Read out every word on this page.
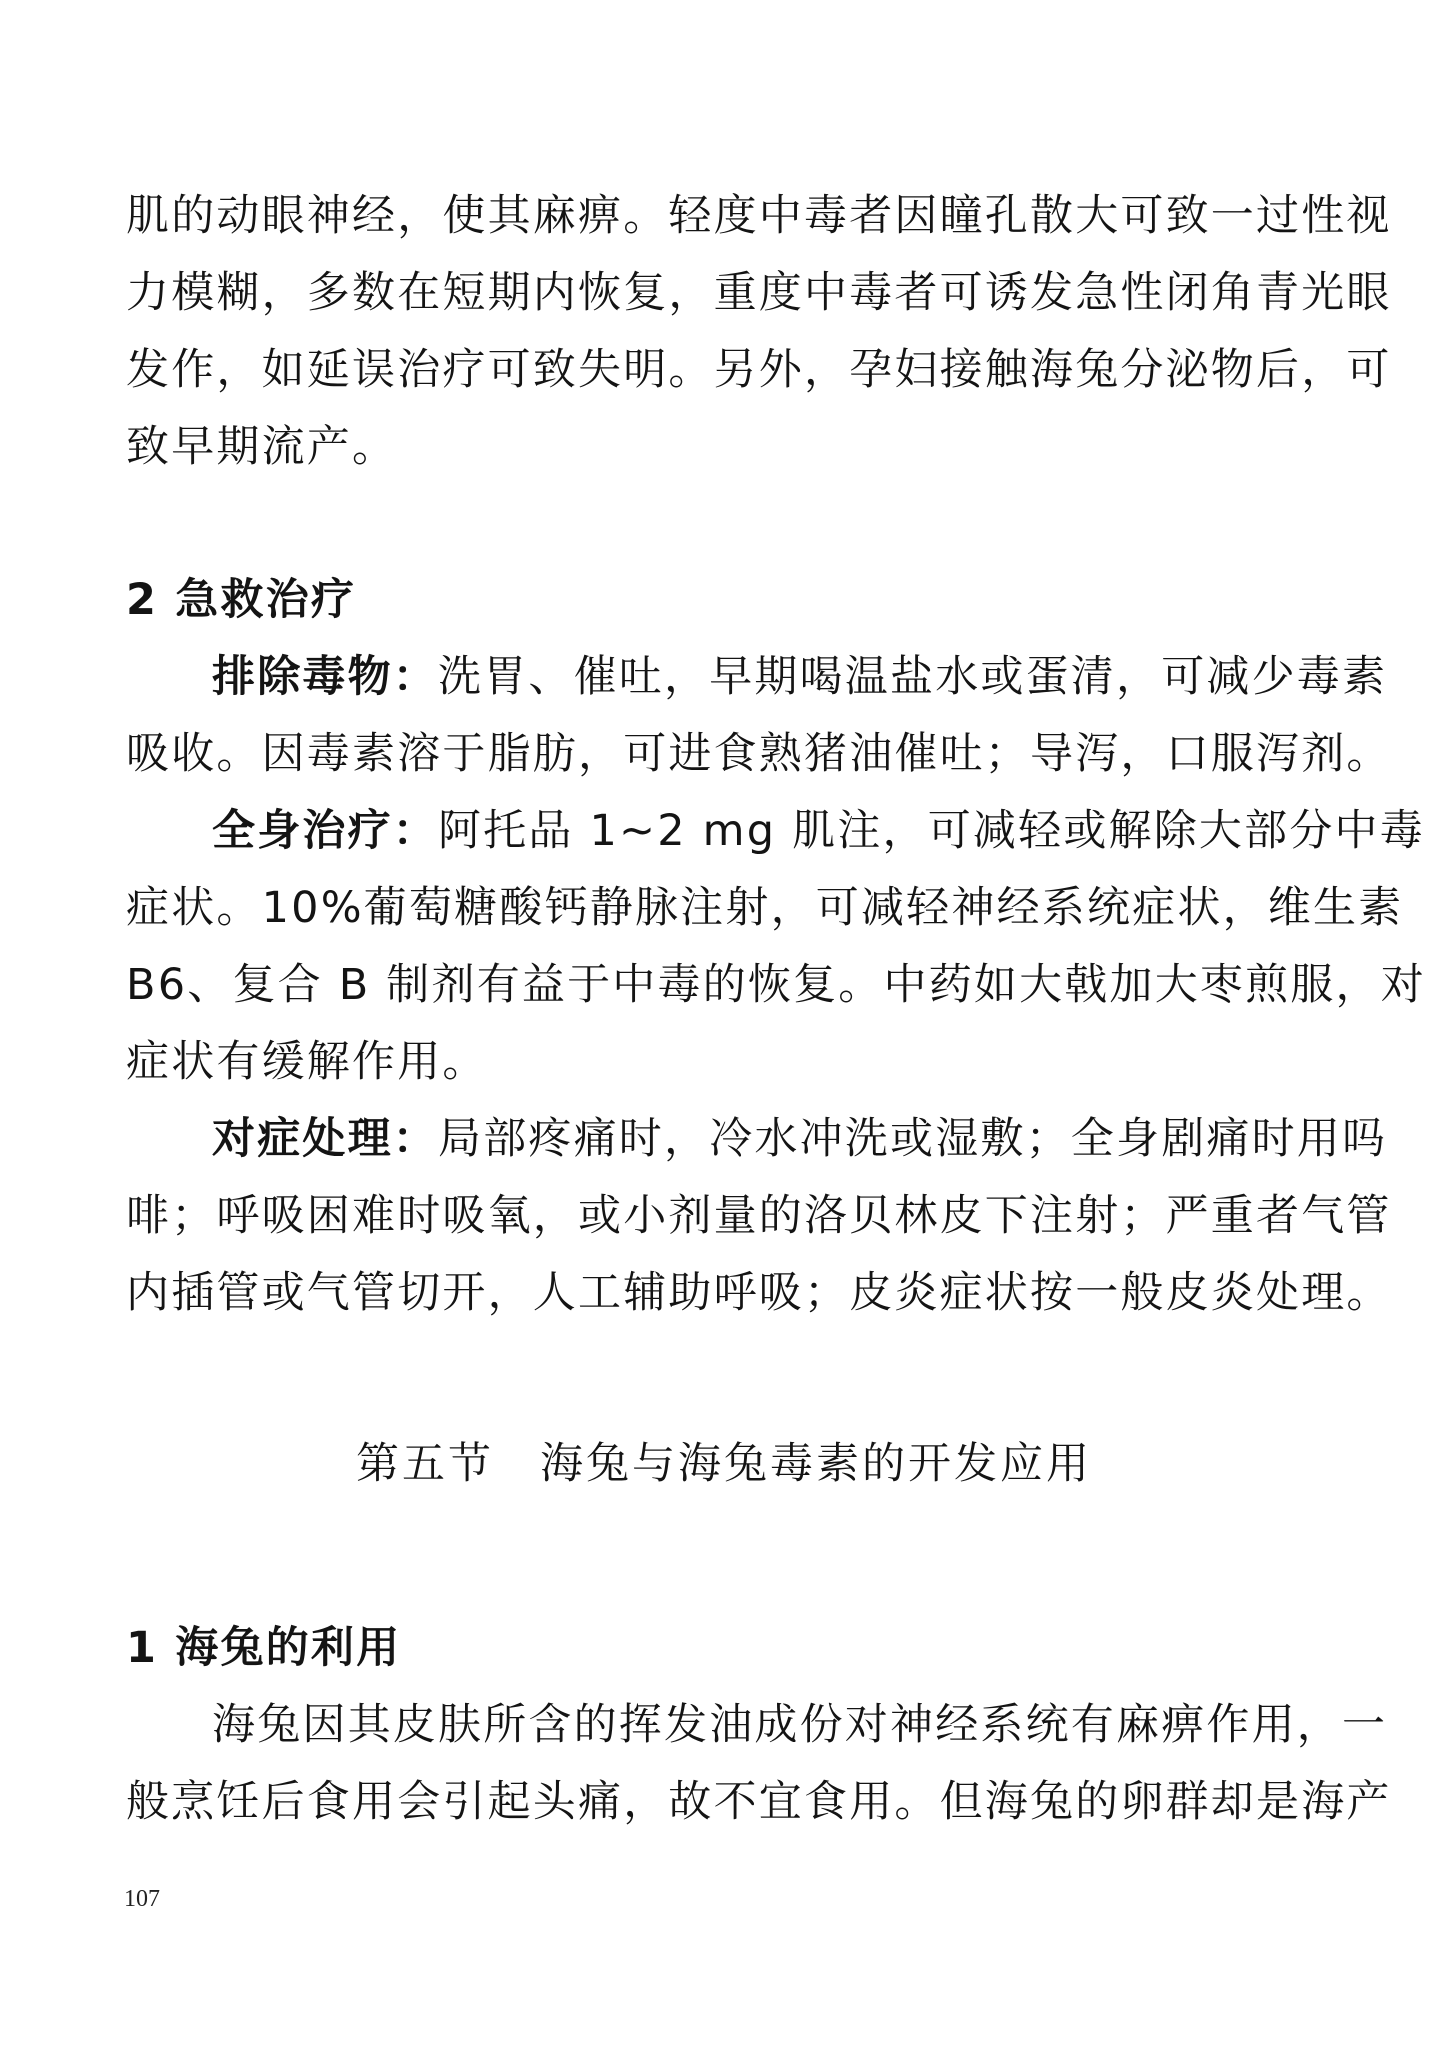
肌的动眼神经，使其麻痹。轻度中毒者因瞳孔散大可致一过性视
力模糊，多数在短期内恢复，重度中毒者可诱发急性闭角青光眼
发作，如延误治疗可致失明。另外，孕妇接触海兔分泌物后，可
致早期流产。
2 急救治疗
排除毒物：洗胃、催吐，早期喝温盐水或蛋清，可减少毒素
吸收。因毒素溶于脂肪，可进食熟猪油催吐；导泻，口服泻剂。
全身治疗：阿托品 1~2 mg 肌注，可减轻或解除大部分中毒
症状。10%葡萄糖酸钙静脉注射，可减轻神经系统症状，维生素
B6、复合 B 制剂有益于中毒的恢复。中药如大戟加大枣煎服，对
症状有缓解作用。
对症处理：局部疼痛时，冷水冲洗或湿敷；全身剧痛时用吗
啡；呼吸困难时吸氧，或小剂量的洛贝林皮下注射；严重者气管
内插管或气管切开，人工辅助呼吸；皮炎症状按一般皮炎处理。
第五节　海兔与海兔毒素的开发应用
1 海兔的利用
海兔因其皮肤所含的挥发油成份对神经系统有麻痹作用，一
般烹饪后食用会引起头痛，故不宜食用。但海兔的卵群却是海产
107
